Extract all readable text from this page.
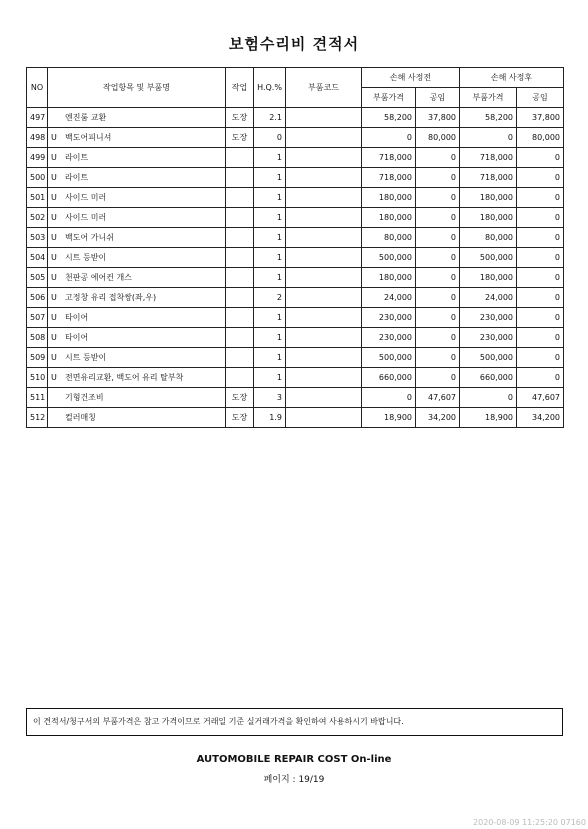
보험수리비 견적서
NO	작업항목 및 부품명	작업	H.Q.%	부품코드	손해 사정전		손해 사정후	
					부품가격	공임	부품가격	공임
497	엔진룸 교환	도장	2.1		58,200	37,800	58,200	37,800
498	U 백도어피니셔	도장	0		0	80,000	0	80,000
499	U 라이트		1		718,000	0	718,000	0
500	U 라이트		1		718,000	0	718,000	0
501	U 사이드 미러		1		180,000	0	180,000	0
502	U 사이드 미러		1		180,000	0	180,000	0
503	U 백도어 가니쉬		1		80,000	0	80,000	0
504	U 시트 등받이		1		500,000	0	500,000	0
505	U 천판공 에어컨 개스		1		180,000	0	180,000	0
506	U 고정창 유리 접착쌍(좌,우)		2		24,000	0	24,000	0
507	U 타이어		1		230,000	0	230,000	0
508	U 타이어		1		230,000	0	230,000	0
509	U 시트 등받이		1		500,000	0	500,000	0
510	U 전면유리교환, 백도어 유리 탈부착		1		660,000	0	660,000	0
511	기형건조비	도장	3		0	47,607	0	47,607
512	컬러매칭	도장	1.9		18,900	34,200	18,900	34,200
이 견적서/청구서의 부품가격은 참고 가격이므로 거래일 기준 실거래가격을 확인하여 사용하시기 바랍니다.
AUTOMOBILE REPAIR COST On-line
페이지 : 19/19
2020-08-09 11:25:20 07160
